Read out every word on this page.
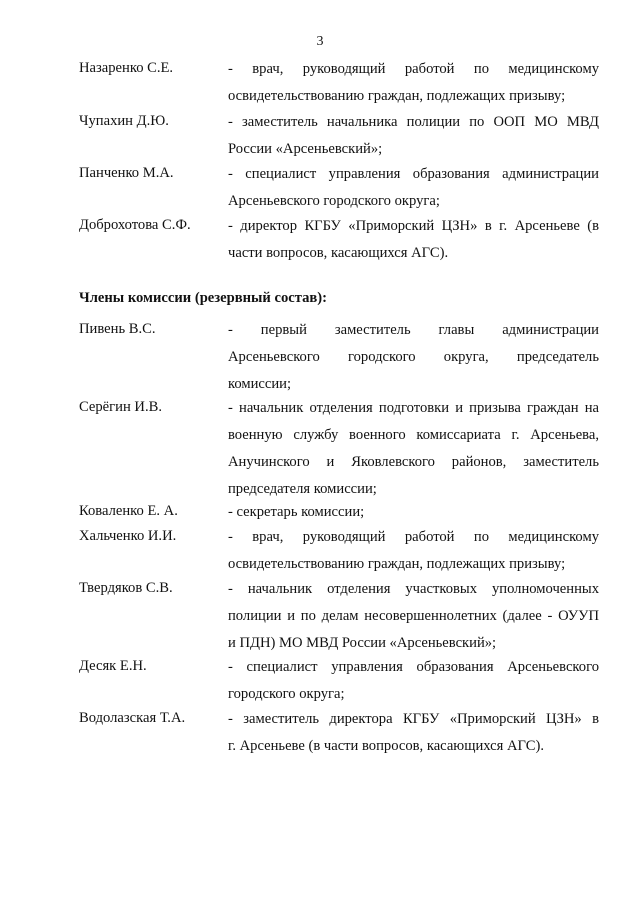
3
Назаренко С.Е.	- врач, руководящий работой по медицинскому
освидетельствованию граждан, подлежащих призыву;
Чупахин Д.Ю.	- заместитель начальника полиции по ООП МО МВД
России «Арсеньевский»;
Панченко М.А.	- специалист управления образования администрации
Арсеньевского городского округа;
Доброхотова С.Ф.	- директор КГБУ «Приморский ЦЗН» в г. Арсеньеве (в
части вопросов, касающихся АГС).
Члены комиссии (резервный состав):
Пивень В.С.	- первый заместитель главы администрации
Арсеньевского городского округа, председатель
комиссии;
Серёгин И.В.	- начальник отделения подготовки и призыва граждан на
военную службу военного комиссариата г. Арсеньева,
Анучинского и Яковлевского районов, заместитель
председателя комиссии;
Коваленко Е. А.	- секретарь комиссии;
Хальченко И.И.	- врач, руководящий работой по медицинскому
освидетельствованию граждан, подлежащих призыву;
Твердяков С.В.	- начальник отделения участковых уполномоченных
полиции и по делам несовершеннолетних (далее - ОУУП
и ПДН) МО МВД России «Арсеньевский»;
Десяк Е.Н.	- специалист управления образования Арсеньевского
городского округа;
Водолазская Т.А.	- заместитель директора КГБУ «Приморский ЦЗН» в
г. Арсеньеве (в части вопросов, касающихся АГС).
